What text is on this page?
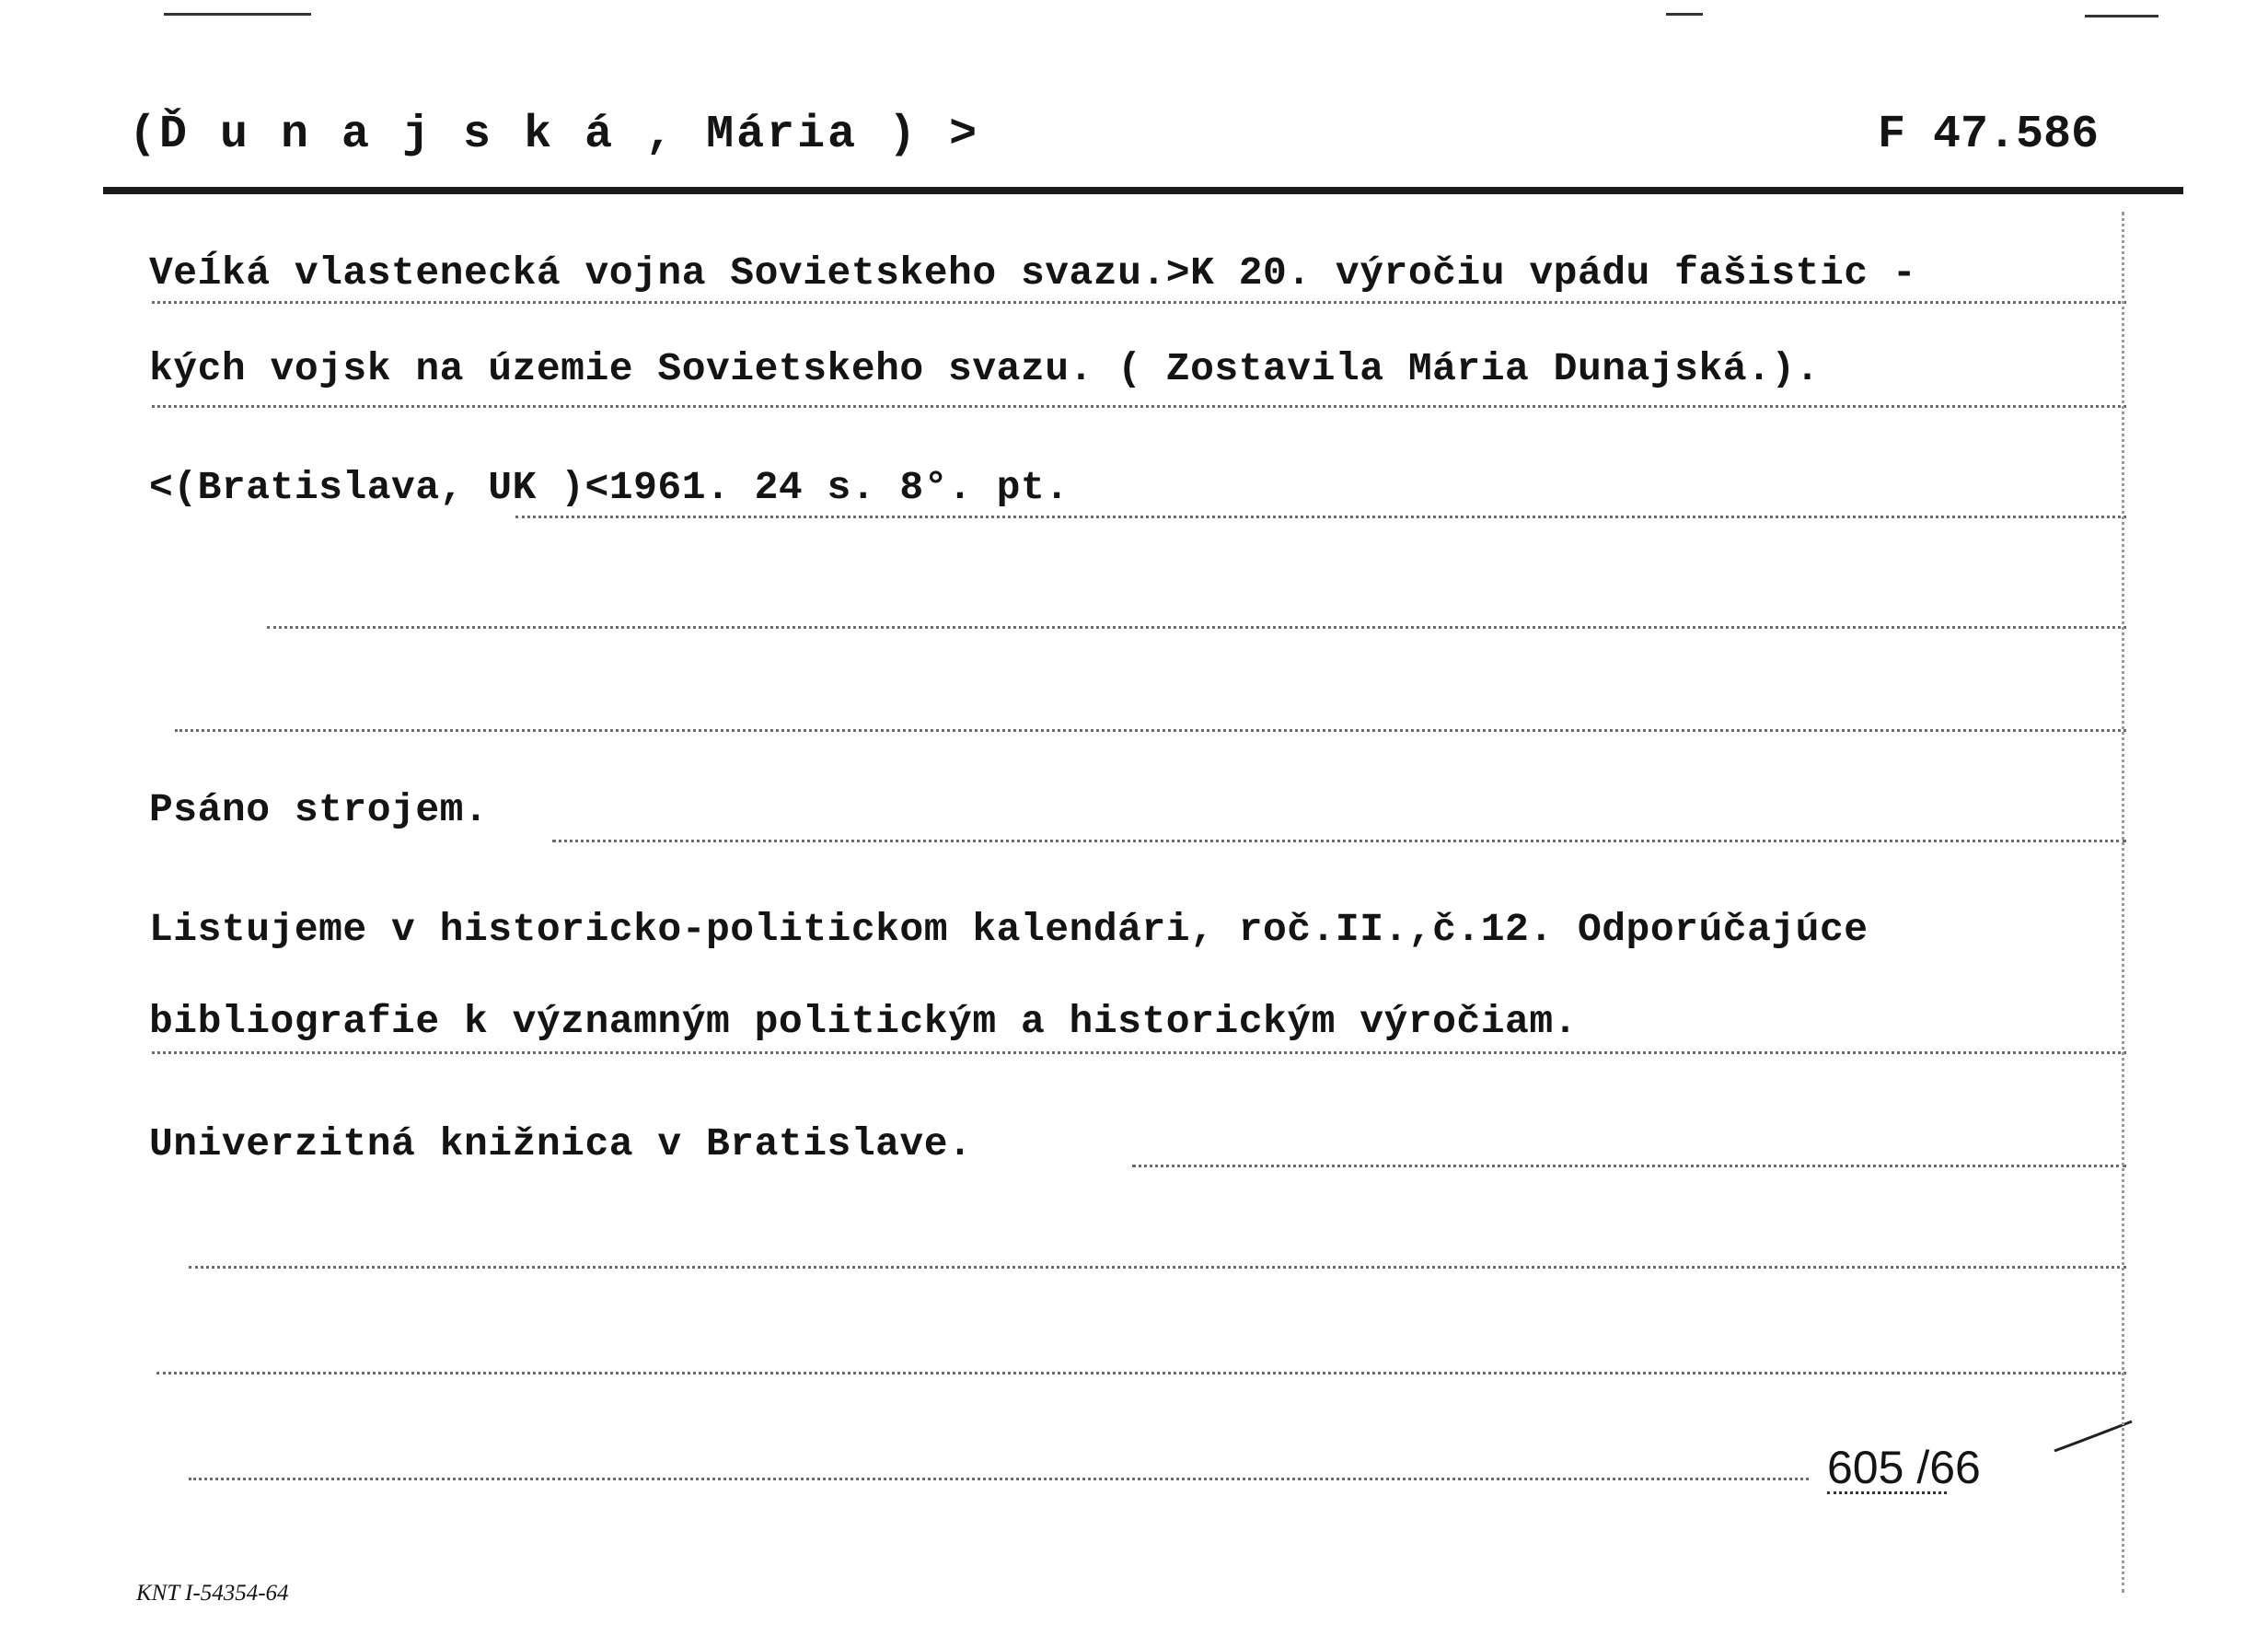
(Ď u n a j s k á , Mária ) >	F 47.586
Veĺká vlastenecká vojna Sovietskeho svazu.>K 20. výročiu vpádu fašistic -
kých vojsk na územie Sovietskeho svazu. ( Zostavila Mária Dunajská.).
<(Bratislava, UK )<1961. 24 s. 8°. pt.
Psáno strojem.
Listujeme v historicko-politickom kalendári, roč.II.,č.12. Odporúčajúce
bibliografie k významným politickým a historickým výročiam.
Univerzitná knižnica v Bratislave.
605 /66
KNT I-54354-64
